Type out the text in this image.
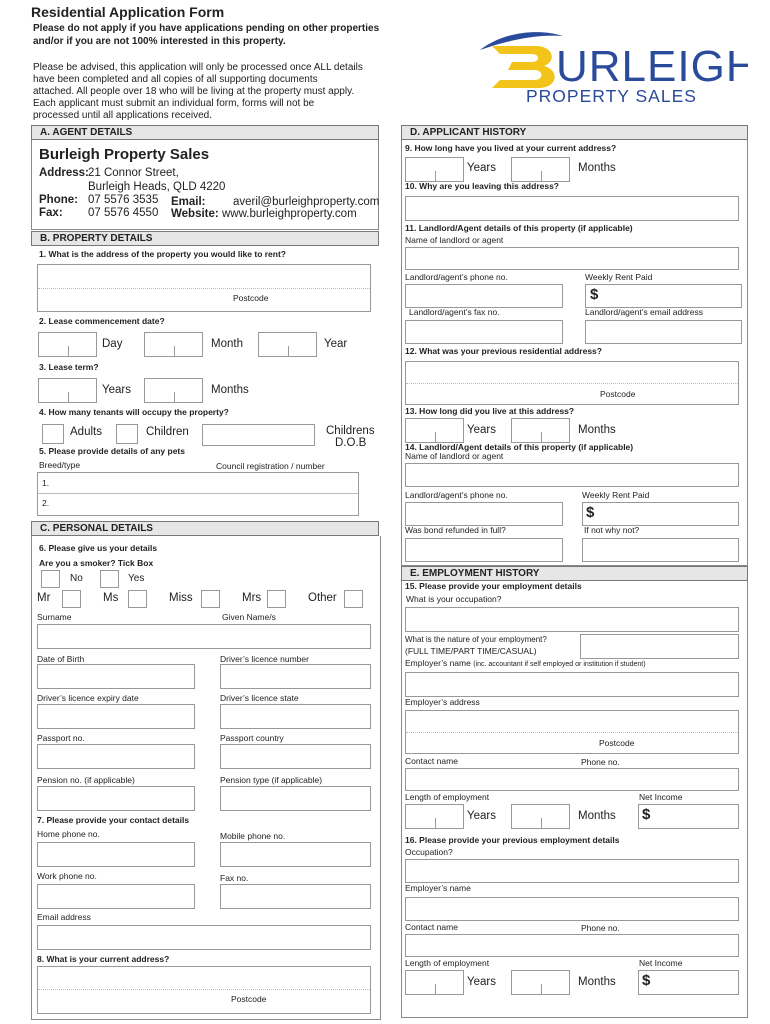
Residential Application Form
Please do not apply if you have applications pending on other properties
and/or if you are not 100% interested in this property.
Please be advised, this application will only be processed once ALL details
have been completed and all copies of all supporting documents
attached. All people over 18 who will be living at the property must apply.
Each applicant must submit an individual form, forms will not be
processed until all applications received.
URLEIGH
PROPERTY SALES
A. AGENT DETAILS
Burleigh Property Sales
Address: 21 Connor Street,
Burleigh Heads, QLD 4220
Phone: 07 5576 3535
Fax: 07 5576 4550
Email: averil@burleighproperty.com
Website: www.burleighproperty.com
B. PROPERTY DETAILS
1. What is the address of the property you would like to rent?
Postcode
2. Lease commencement date?
Day	Month	Year
3. Lease term?
Years	Months
4. How many tenants will occupy the property?
Adults	Children	Childrens
D.O.B
5. Please provide details of any pets
Breed/type	Council registration / number
1.
2.
C. PERSONAL DETAILS
6. Please give us your details
Are you a smoker? Tick Box
No	Yes
Mr	Ms	Miss	Mrs	Other
Surname	Given Name/s
Date of Birth	Driver’s licence number
Driver’s licence expiry date	Driver’s licence state
Passport no.	Passport country
Pension no. (if applicable)	Pension type (if applicable)
7. Please provide your contact details
Home phone no.	Mobile phone no.
Work phone no.	Fax no.
Email address
8. What is your current address?
Postcode
D. APPLICANT HISTORY
9. How long have you lived at your current address?
Years	Months
10. Why are you leaving this address?
11. Landlord/Agent details of this property (if applicable)
Name of landlord or agent
Landlord/agent’s phone no.	Weekly Rent Paid
$
Landlord/agent’s fax no.	Landlord/agent’s email address
12. What was your previous residential address?
Postcode
13. How long did you live at this address?
Years	Months
14. Landlord/Agent details of this property (if applicable)
Name of landlord or agent
Landlord/agent’s phone no.	Weekly Rent Paid
$
Was bond refunded in full?	If not why not?
E. EMPLOYMENT HISTORY
15. Please provide your employment details
What is your occupation?
What is the nature of your employment?
(FULL TIME/PART TIME/CASUAL)
Employer’s name (inc. accountant if self employed or institution if student)
Employer’s address
Postcode
Contact name	Phone no.
Length of employment	Net Income
Years	Months $
16. Please provide your previous employment details
Occupation?
Employer’s name
Contact name	Phone no.
Length of employment	Net Income
Years	Months $
